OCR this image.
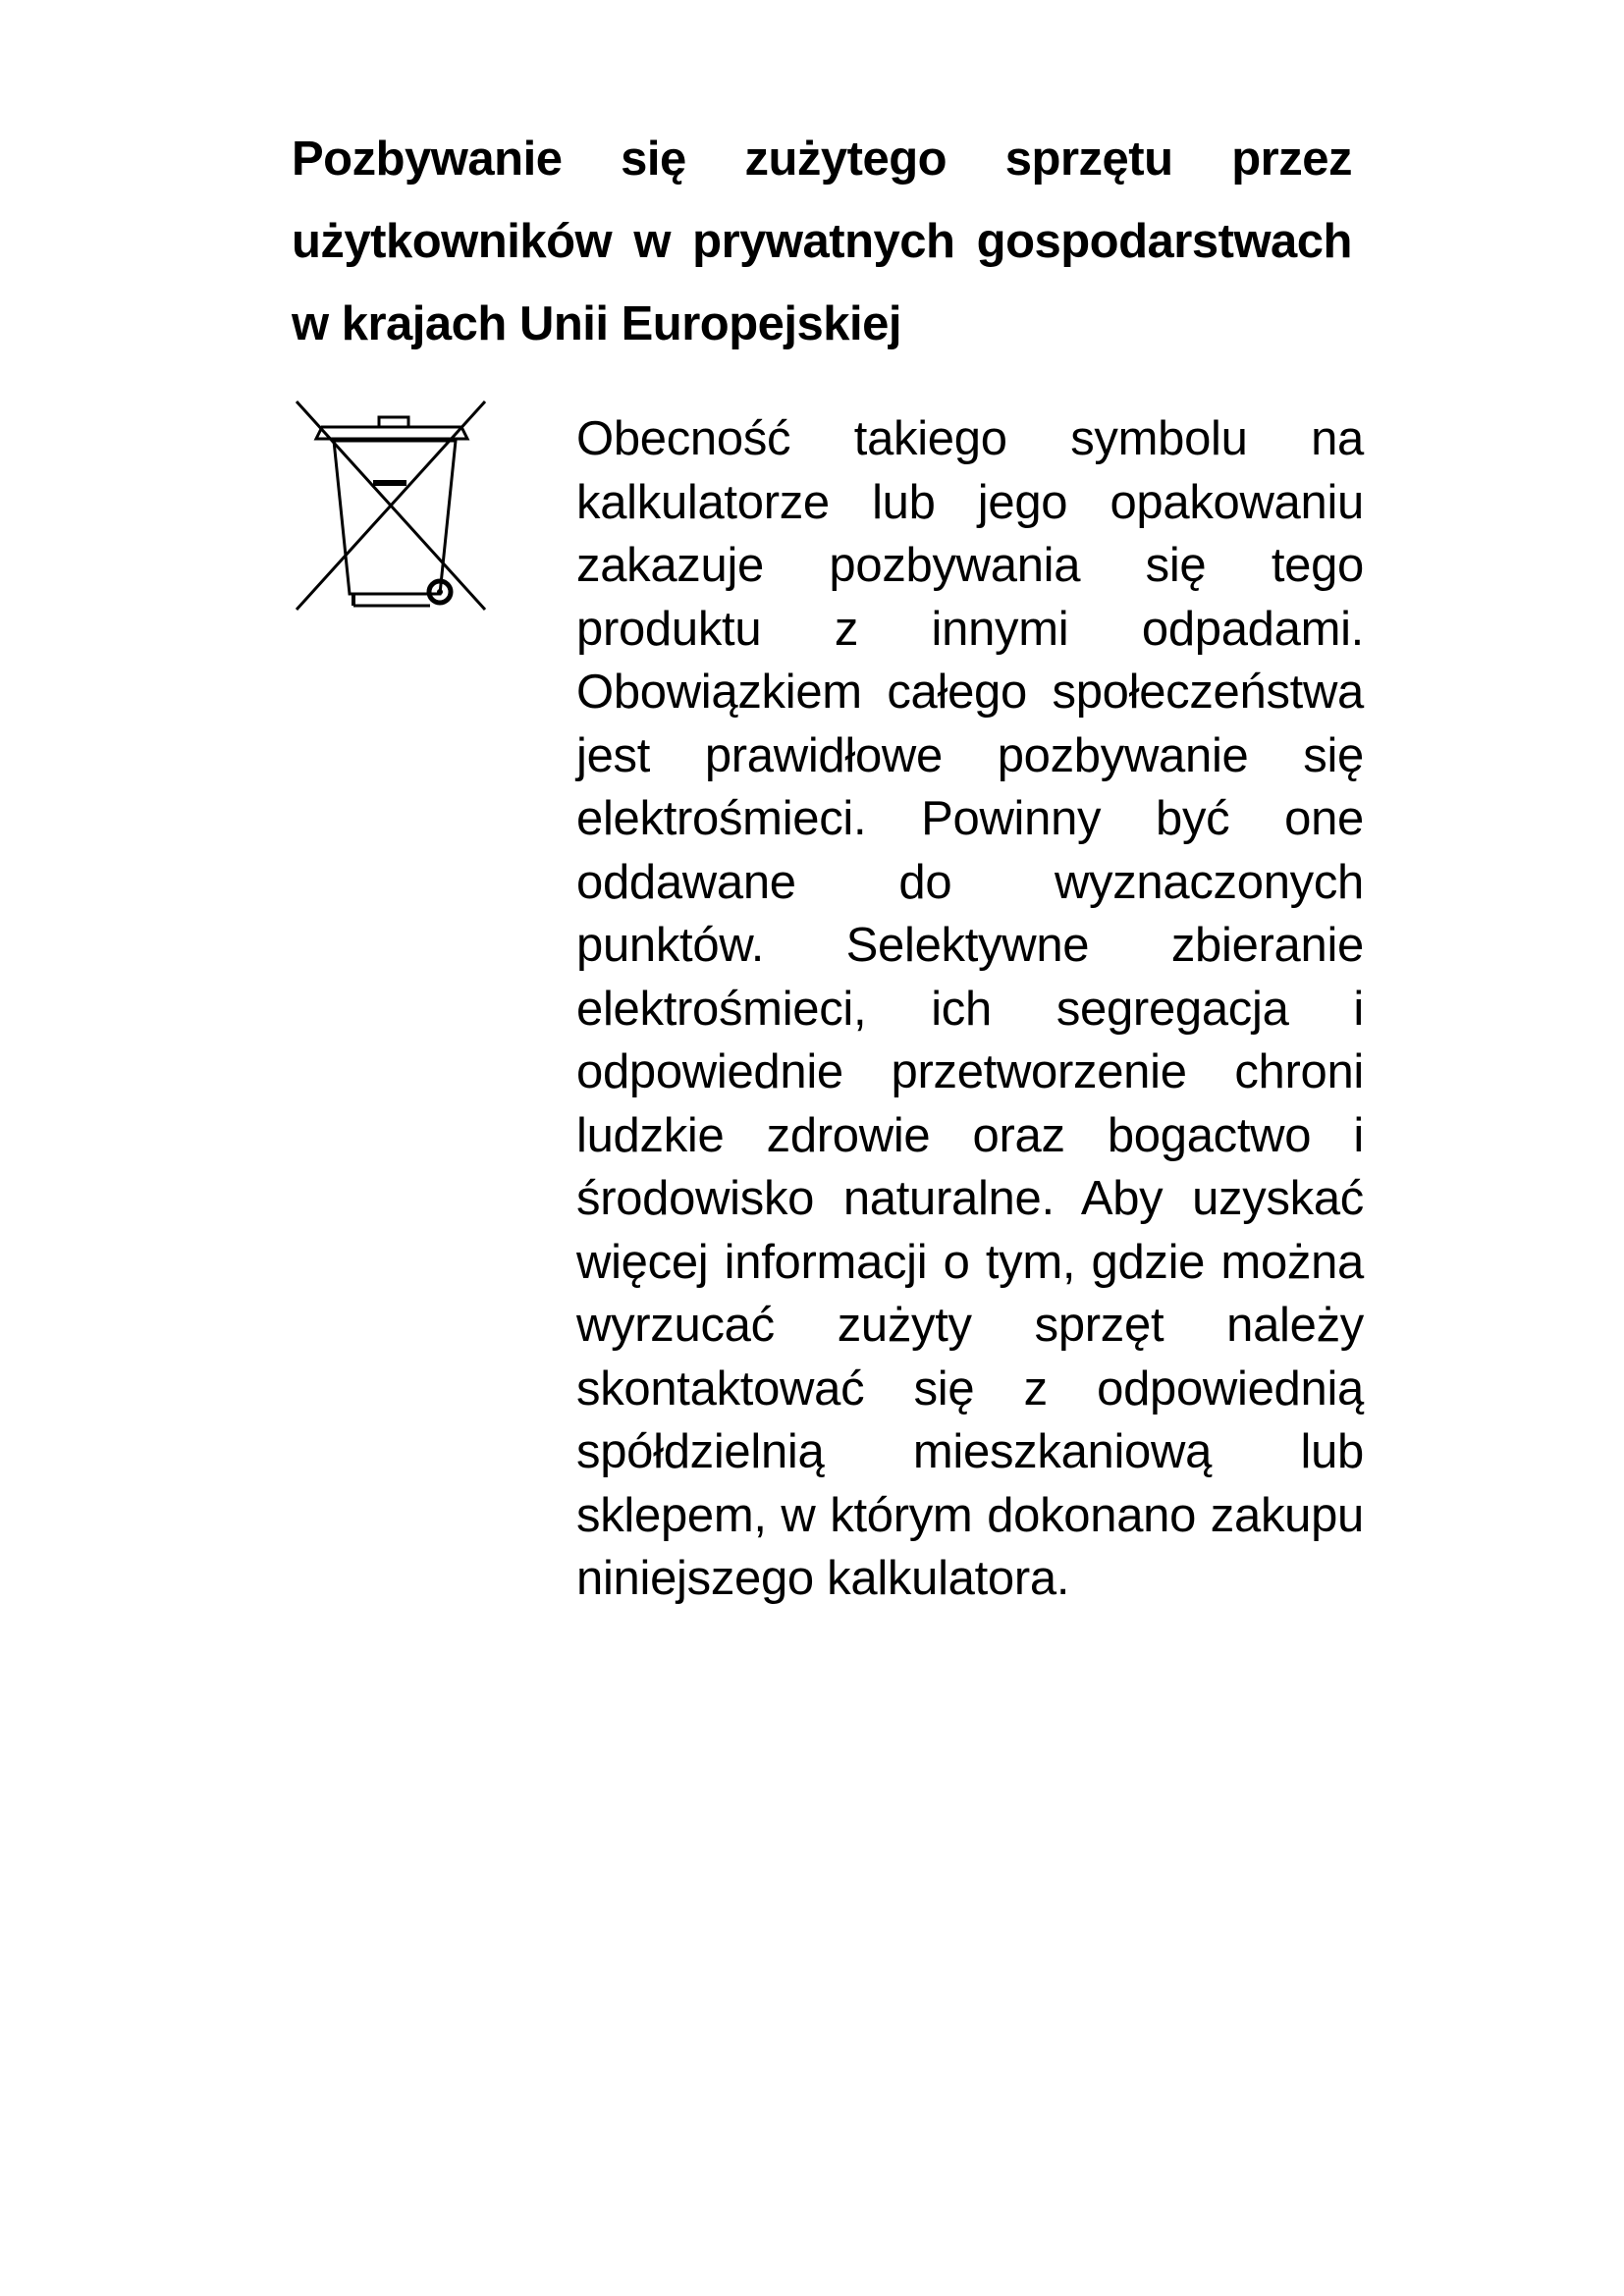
Pozbywanie się zużytego sprzętu przez użytkowników w prywatnych gospodarstwach w krajach Unii Europejskiej

Obecność takiego symbolu na kalkulatorze lub jego opakowaniu zakazuje pozbywania się tego produktu z innymi odpadami. Obowiązkiem całego społeczeństwa jest prawidłowe pozbywanie się elektrośmieci. Powinny być one oddawane do wyznaczonych punktów. Selektywne zbieranie elektrośmieci, ich segregacja i odpowiednie przetworzenie chroni ludzkie zdrowie oraz bogactwo i środowisko naturalne. Aby uzyskać więcej informacji o tym, gdzie można wyrzucać zużyty sprzęt należy skontaktować się z odpowiednią spółdzielnią mieszkaniową lub sklepem, w którym dokonano zakupu niniejszego kalkulatora.
